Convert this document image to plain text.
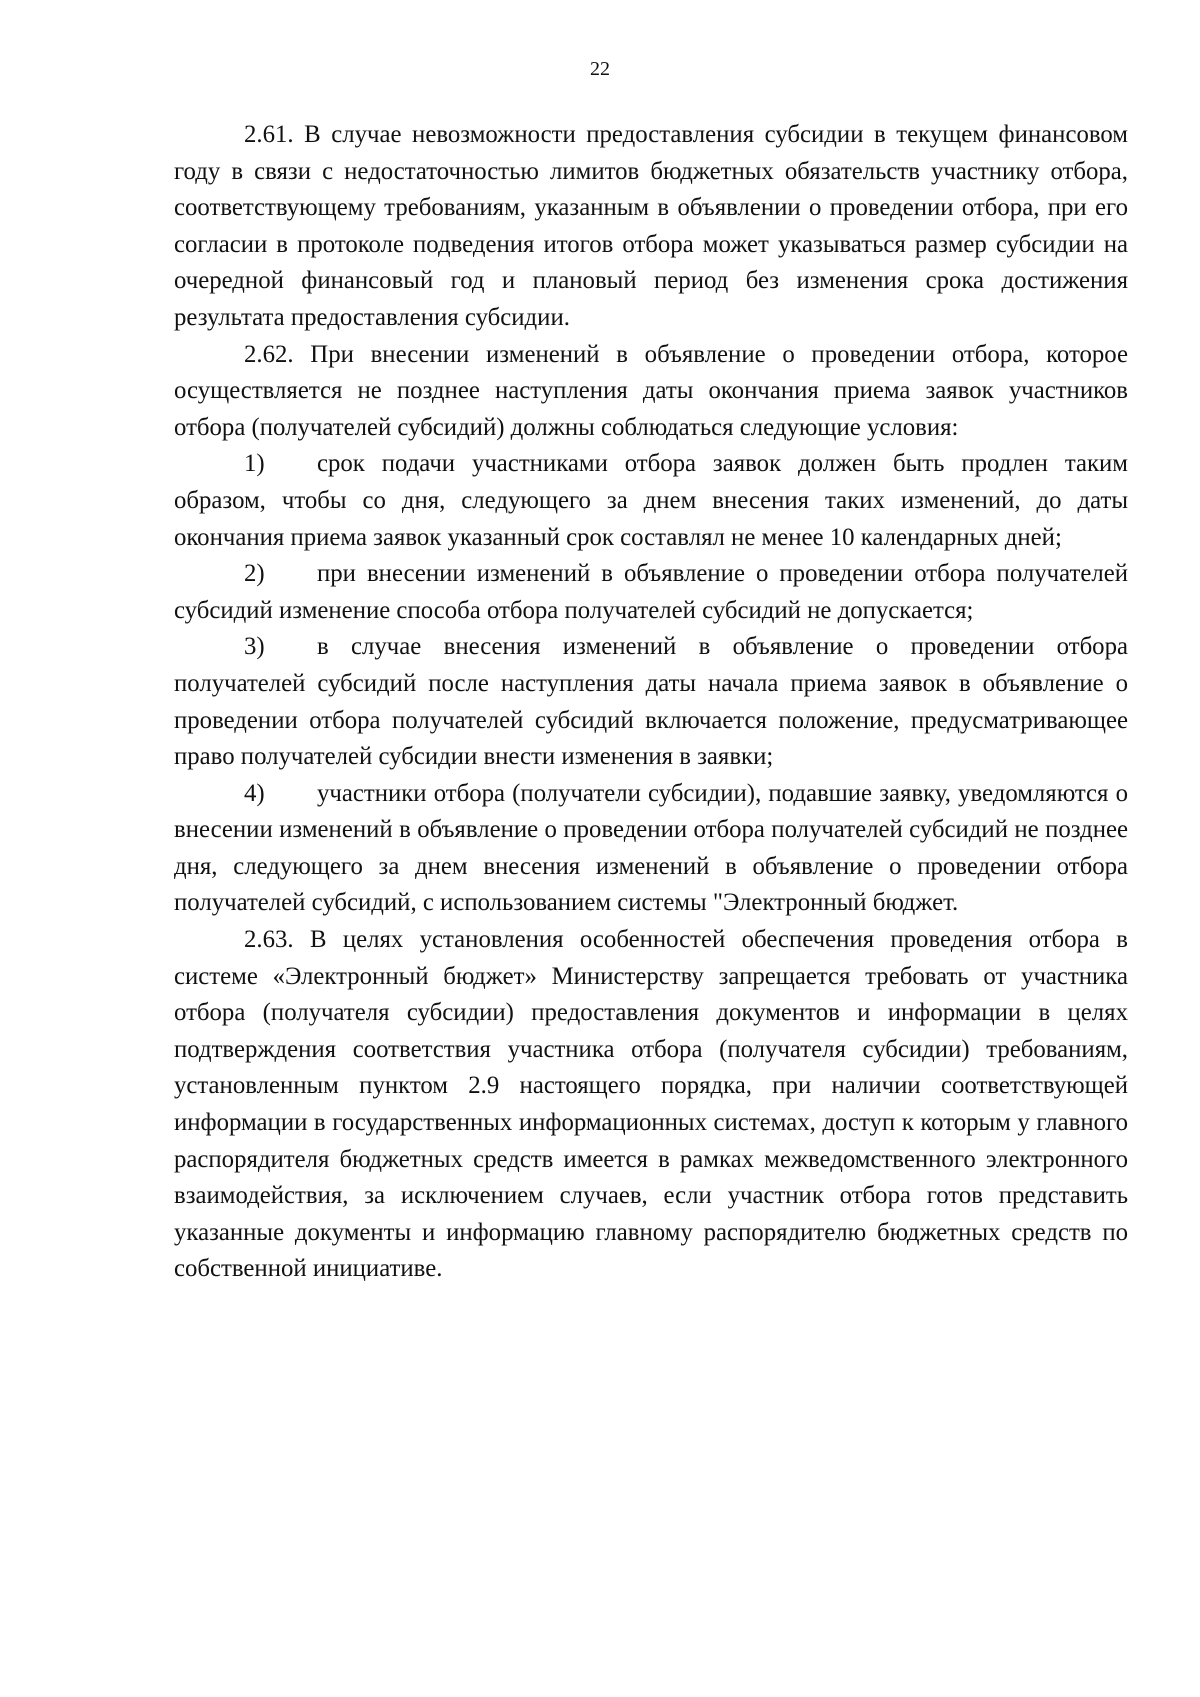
22

2.61. В случае невозможности предоставления субсидии в текущем финансовом году в связи с недостаточностью лимитов бюджетных обязательств участнику отбора, соответствующему требованиям, указанным в объявлении о проведении отбора, при его согласии в протоколе подведения итогов отбора может указываться размер субсидии на очередной финансовый год и плановый период без изменения срока достижения результата предоставления субсидии.

2.62. При внесении изменений в объявление о проведении отбора, которое осуществляется не позднее наступления даты окончания приема заявок участников отбора (получателей субсидий) должны соблюдаться следующие условия:

1) срок подачи участниками отбора заявок должен быть продлен таким образом, чтобы со дня, следующего за днем внесения таких изменений, до даты окончания приема заявок указанный срок составлял не менее 10 календарных дней;

2) при внесении изменений в объявление о проведении отбора получателей субсидий изменение способа отбора получателей субсидий не допускается;

3) в случае внесения изменений в объявление о проведении отбора получателей субсидий после наступления даты начала приема заявок в объявление о проведении отбора получателей субсидий включается положение, предусматривающее право получателей субсидии внести изменения в заявки;

4) участники отбора (получатели субсидии), подавшие заявку, уведомляются о внесении изменений в объявление о проведении отбора получателей субсидий не позднее дня, следующего за днем внесения изменений в объявление о проведении отбора получателей субсидий, с использованием системы "Электронный бюджет.

2.63. В целях установления особенностей обеспечения проведения отбора в системе «Электронный бюджет» Министерству запрещается требовать от участника отбора (получателя субсидии) предоставления документов и информации в целях подтверждения соответствия участника отбора (получателя субсидии) требованиям, установленным пунктом 2.9 настоящего порядка, при наличии соответствующей информации в государственных информационных системах, доступ к которым у главного распорядителя бюджетных средств имеется в рамках межведомственного электронного взаимодействия, за исключением случаев, если участник отбора готов представить указанные документы и информацию главному распорядителю бюджетных средств по собственной инициативе.
